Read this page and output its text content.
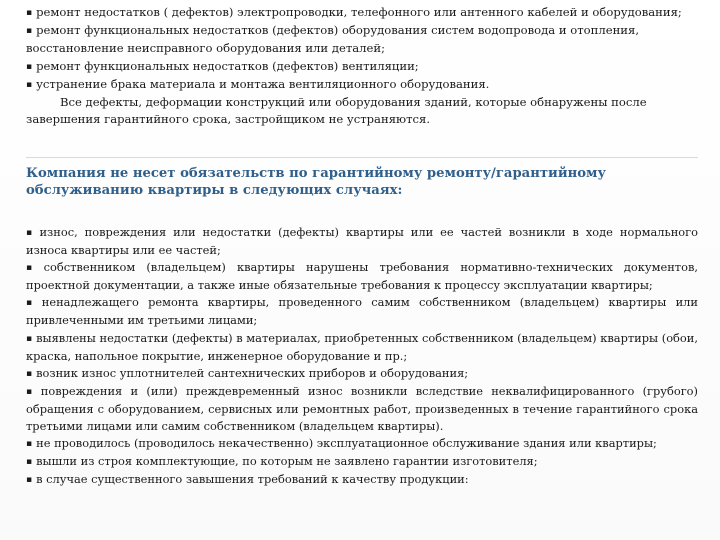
▪ ремонт недостатков ( дефектов) электропроводки, телефонного или антенного кабелей и оборудования;
▪ ремонт функциональных недостатков (дефектов) оборудования систем водопровода и отопления, восстановление неисправного оборудования или деталей;
▪ ремонт функциональных недостатков (дефектов) вентиляции;
▪ устранение брака материала и монтажа вентиляционного оборудования.
Все дефекты, деформации конструкций или оборудования зданий, которые обнаружены после завершения гарантийного срока, застройщиком не устраняются.
Компания не несет обязательств по гарантийному ремонту/гарантийному обслуживанию квартиры в следующих случаях:
▪ износ, повреждения или недостатки (дефекты) квартиры или ее частей возникли в ходе нормального износа квартиры или ее частей;
▪ собственником (владельцем) квартиры нарушены требования нормативно-технических документов, проектной документации, а также иные обязательные требования к процессу эксплуатации квартиры;
▪ ненадлежащего ремонта квартиры, проведенного самим собственником (владельцем) квартиры или привлеченными им третьими лицами;
▪ выявлены недостатки (дефекты) в материалах, приобретенных собственником (владельцем) квартиры (обои, краска, напольное покрытие, инженерное оборудование и пр.;
▪ возник износ уплотнителей сантехнических приборов и оборудования;
▪ повреждения и (или) преждевременный износ возникли вследствие неквалифицированного (грубого) обращения с оборудованием, сервисных или ремонтных работ, произведенных в течение гарантийного срока третьими лицами или самим собственником (владельцем квартиры).
▪ не проводилось (проводилось некачественно) эксплуатационное обслуживание здания или квартиры;
▪ вышли из строя комплектующие, по которым не заявлено гарантии изготовителя;
▪ в случае существенного завышения требований к качеству продукции:
